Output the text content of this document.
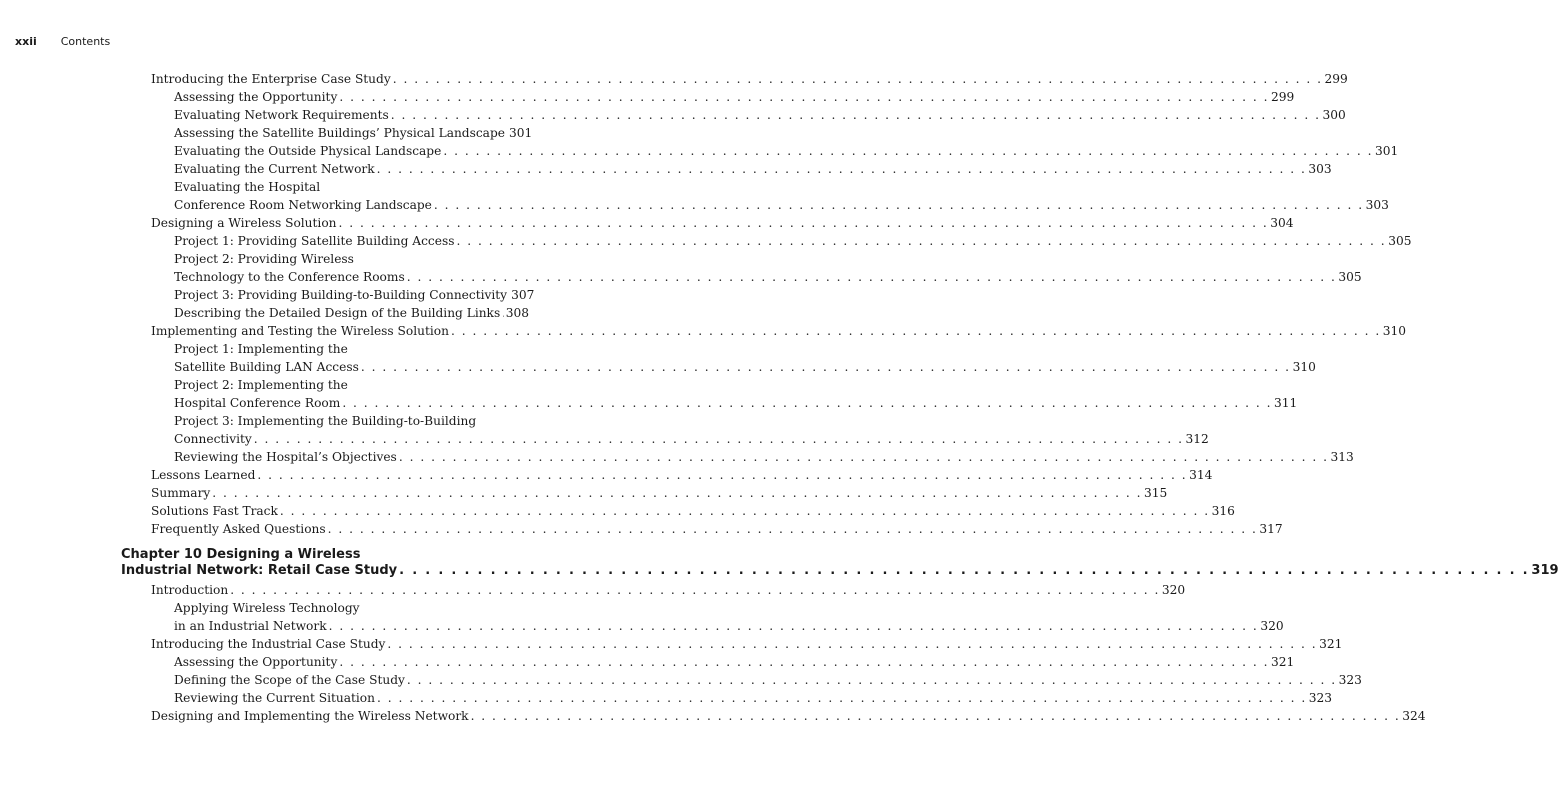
xxii Contents
Introducing the Enterprise Case Study . . .	299
Assessing the Opportunity . . .	299
Evaluating Network Requirements . . .	300
Assessing the Satellite Buildings’ Physical Landscape 301
Evaluating the Outside Physical Landscape . . .	301
Evaluating the Current Network . . .	303
Evaluating the Hospital
Conference Room Networking Landscape . . .	303
Designing a Wireless Solution . . .	304
Project 1: Providing Satellite Building Access . . .	305
Project 2: Providing Wireless
Technology to the Conference Rooms . . .	305
Project 3: Providing Building-to-Building Connectivity 307
Describing the Detailed Design of the Building Links . . . 308
Implementing and Testing the Wireless Solution . . .	310
Project 1: Implementing the
Satellite Building LAN Access . . .	310
Project 2: Implementing the
Hospital Conference Room . . .	311
Project 3: Implementing the Building-to-Building
Connectivity . . .	312
Reviewing the Hospital’s Objectives . . .	313
Lessons Learned . . .	314
Summary . . .	315
Solutions Fast Track . . .	316
Frequently Asked Questions . . .	317
Chapter 10 Designing a Wireless
Industrial Network: Retail Case Study . . .	319
Introduction . . .	320
Applying Wireless Technology
in an Industrial Network . . .	320
Introducing the Industrial Case Study . . .	321
Assessing the Opportunity . . .	321
Defining the Scope of the Case Study . . .	323
Reviewing the Current Situation . . .	323
Designing and Implementing the Wireless Network . . .	324
